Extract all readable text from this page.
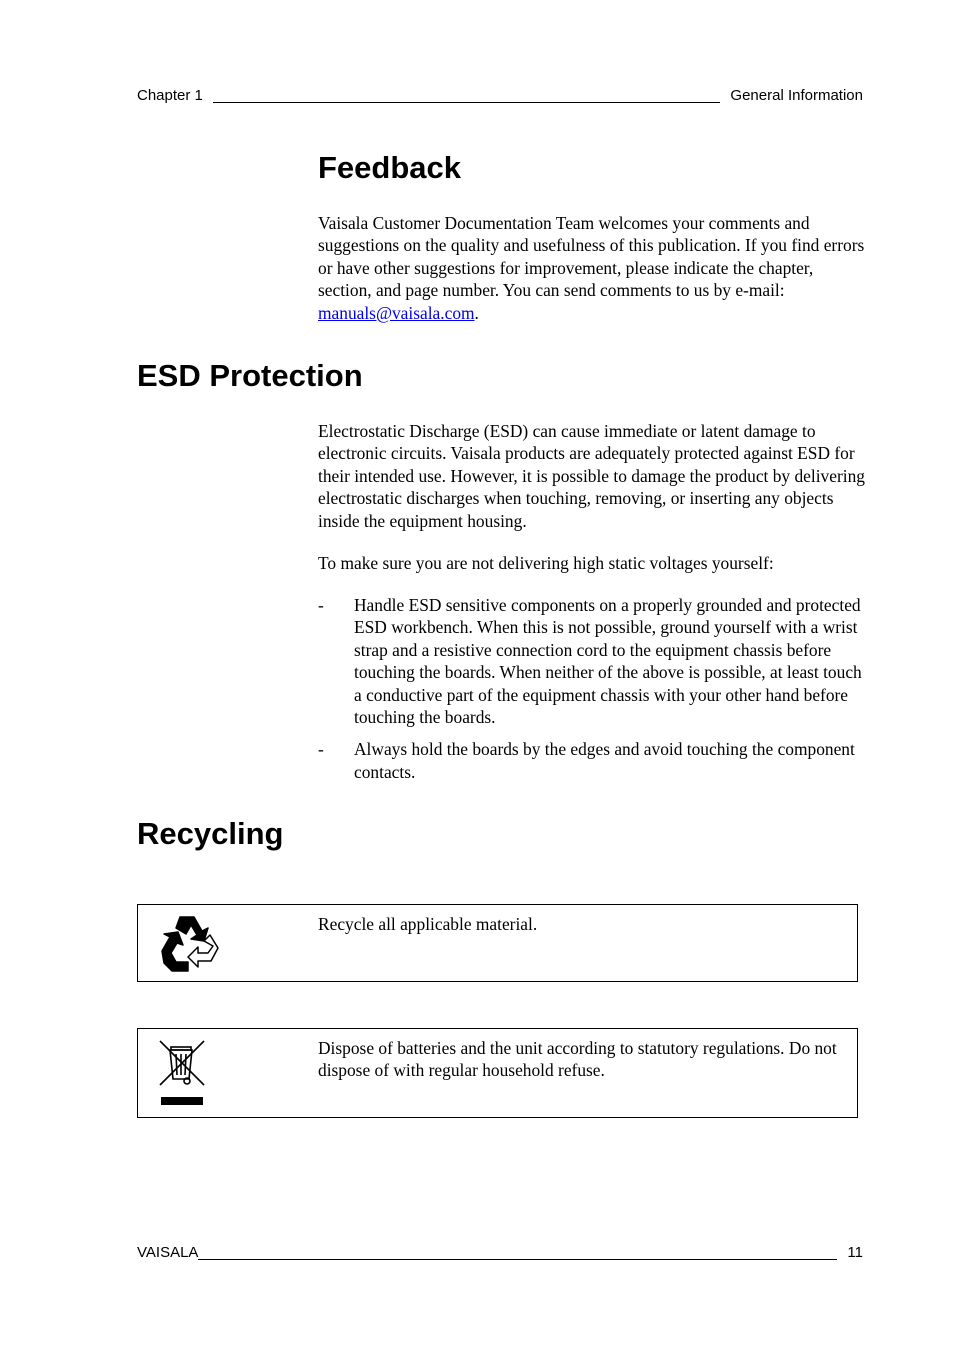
Chapter 1	General Information
Feedback

Vaisala Customer Documentation Team welcomes your comments and suggestions on the quality and usefulness of this publication. If you find errors or have other suggestions for improvement, please indicate the chapter, section, and page number. You can send comments to us by e-mail: manuals@vaisala.com.

ESD Protection

Electrostatic Discharge (ESD) can cause immediate or latent damage to electronic circuits. Vaisala products are adequately protected against ESD for their intended use. However, it is possible to damage the product by delivering electrostatic discharges when touching, removing, or inserting any objects inside the equipment housing.

To make sure you are not delivering high static voltages yourself:

- Handle ESD sensitive components on a properly grounded and protected ESD workbench. When this is not possible, ground yourself with a wrist strap and a resistive connection cord to the equipment chassis before touching the boards. When neither of the above is possible, at least touch a conductive part of the equipment chassis with your other hand before touching the boards.
- Always hold the boards by the edges and avoid touching the component contacts.
Recycling
Recycle all applicable material.
Dispose of batteries and the unit according to statutory regulations. Do not dispose of with regular household refuse.
VAISALA	11
